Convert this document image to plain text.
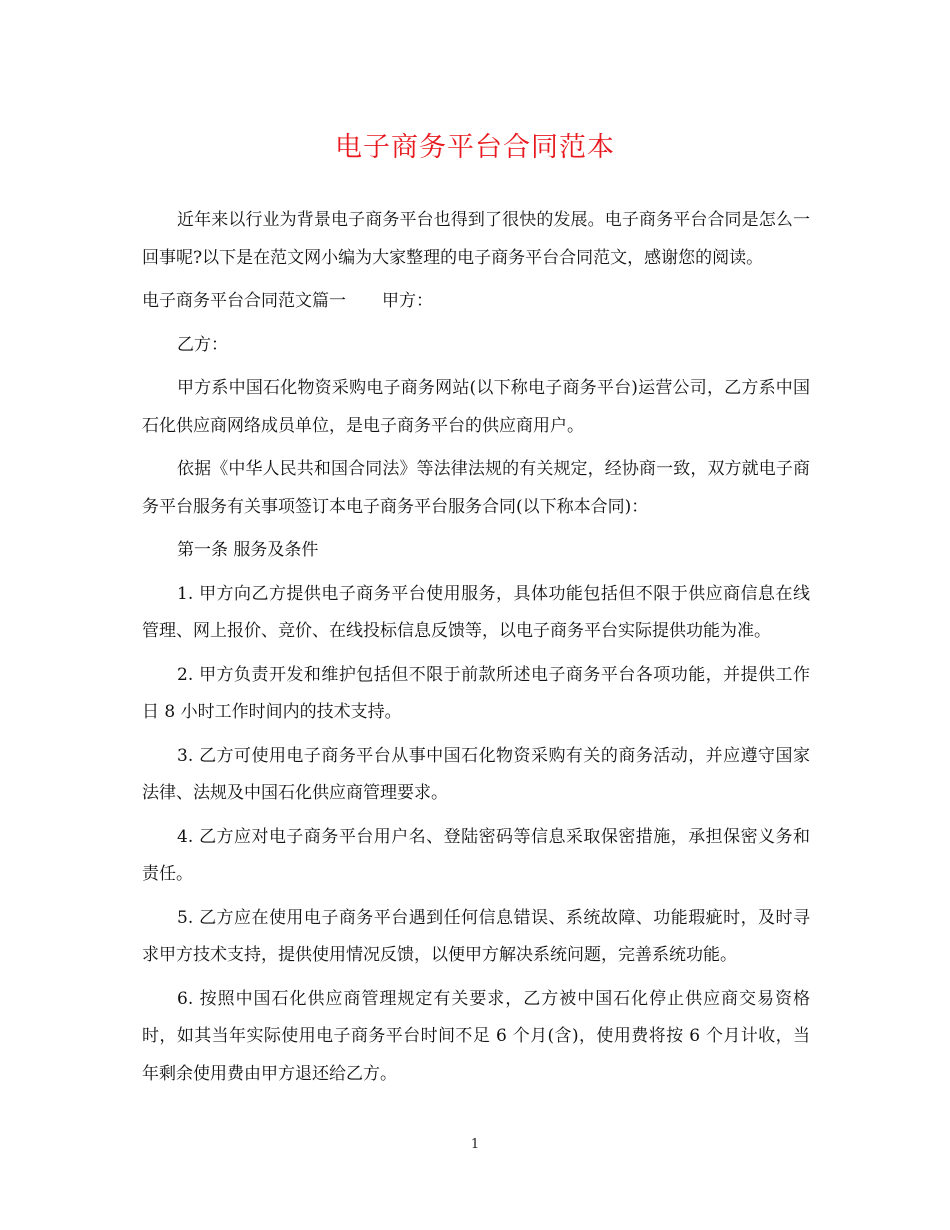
电子商务平台合同范本

近年来以行业为背景电子商务平台也得到了很快的发展。电子商务平台合同是怎么一回事呢?以下是在范文网小编为大家整理的电子商务平台合同范文，感谢您的阅读。

电子商务平台合同范文篇一 甲方：

乙方：

甲方系中国石化物资采购电子商务网站(以下称电子商务平台)运营公司，乙方系中国石化供应商网络成员单位，是电子商务平台的供应商用户。

依据《中华人民共和国合同法》等法律法规的有关规定，经协商一致，双方就电子商务平台服务有关事项签订本电子商务平台服务合同(以下称本合同)：

第一条 服务及条件

1. 甲方向乙方提供电子商务平台使用服务，具体功能包括但不限于供应商信息在线管理、网上报价、竞价、在线投标信息反馈等，以电子商务平台实际提供功能为准。

2. 甲方负责开发和维护包括但不限于前款所述电子商务平台各项功能，并提供工作日 8 小时工作时间内的技术支持。

3. 乙方可使用电子商务平台从事中国石化物资采购有关的商务活动，并应遵守国家法律、法规及中国石化供应商管理要求。

4. 乙方应对电子商务平台用户名、登陆密码等信息采取保密措施，承担保密义务和责任。

5. 乙方应在使用电子商务平台遇到任何信息错误、系统故障、功能瑕疵时，及时寻求甲方技术支持，提供使用情况反馈，以便甲方解决系统问题，完善系统功能。

6. 按照中国石化供应商管理规定有关要求，乙方被中国石化停止供应商交易资格时，如其当年实际使用电子商务平台时间不足 6 个月(含)，使用费将按 6 个月计收，当年剩余使用费由甲方退还给乙方。

1
